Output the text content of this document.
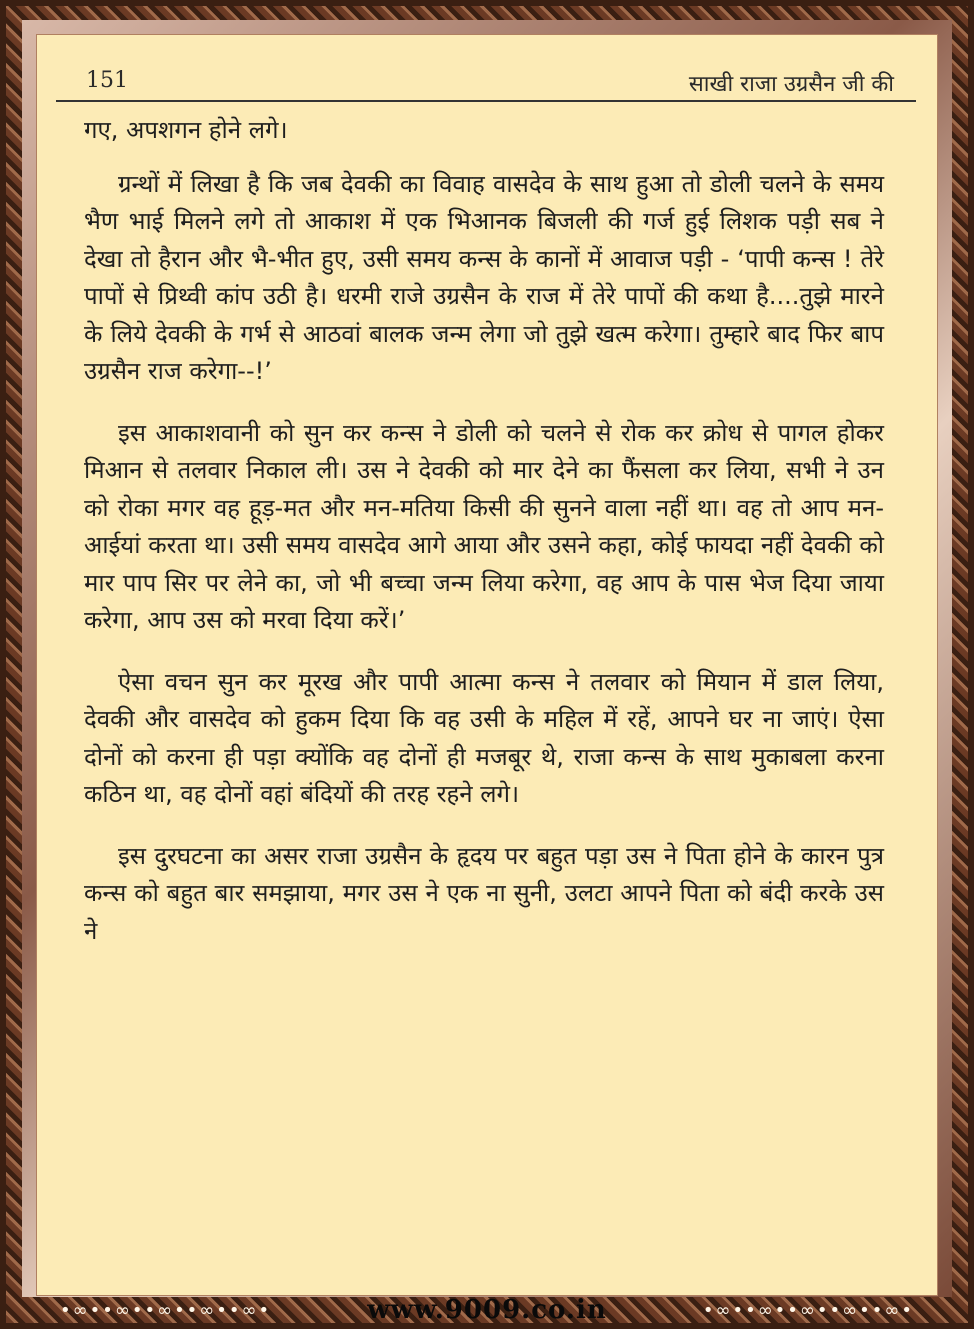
151	साखी राजा उग्रसैन जी की

गए, अपशगन होने लगे।

ग्रन्थों में लिखा है कि जब देवकी का विवाह वासदेव के साथ हुआ तो डोली चलने के समय भैण भाई मिलने लगे तो आकाश में एक भिआनक बिजली की गर्ज हुई लिशक पड़ी सब ने देखा तो हैरान और भै-भीत हुए, उसी समय कन्स के कानों में आवाज पड़ी - ‘पापी कन्स ! तेरे पापों से प्रिथ्वी कांप उठी है। धरमी राजे उग्रसैन के राज में तेरे पापों की कथा है....तुझे मारने के लिये देवकी के गर्भ से आठवां बालक जन्म लेगा जो तुझे खत्म करेगा। तुम्हारे बाद फिर बाप उग्रसैन राज करेगा--!’

इस आकाशवानी को सुन कर कन्स ने डोली को चलने से रोक कर क्रोध से पागल होकर मिआन से तलवार निकाल ली। उस ने देवकी को मार देने का फैंसला कर लिया, सभी ने उन को रोका मगर वह हूड़-मत और मन-मतिया किसी की सुनने वाला नहीं था। वह तो आप मन-आईयां करता था। उसी समय वासदेव आगे आया और उसने कहा, कोई फायदा नहीं देवकी को मार पाप सिर पर लेने का, जो भी बच्चा जन्म लिया करेगा, वह आप के पास भेज दिया जाया करेगा, आप उस को मरवा दिया करें।’

ऐसा वचन सुन कर मूरख और पापी आत्मा कन्स ने तलवार को मियान में डाल लिया, देवकी और वासदेव को हुकम दिया कि वह उसी के महिल में रहें, आपने घर ना जाएं। ऐसा दोनों को करना ही पड़ा क्योंकि वह दोनों ही मजबूर थे, राजा कन्स के साथ मुकाबला करना कठिन था, वह दोनों वहां बंदियों की तरह रहने लगे।

इस दुरघटना का असर राजा उग्रसैन के हृदय पर बहुत पड़ा उस ने पिता होने के कारन पुत्र कन्स को बहुत बार समझाया, मगर उस ने एक ना सुनी, उलटा आपने पिता को बंदी करके उस ने

•∞••∞••∞••∞••∞•	www.9009.co.in	•∞••∞••∞••∞••∞•
